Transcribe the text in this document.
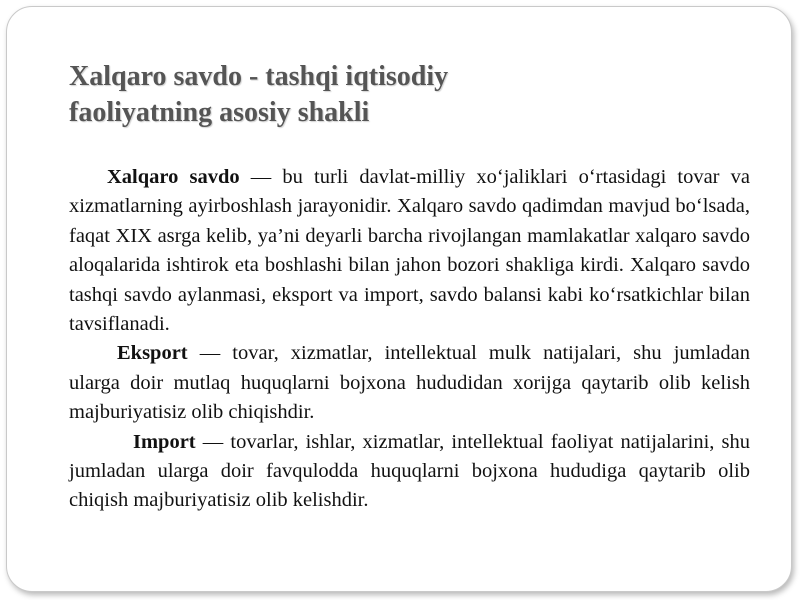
Xalqaro savdo - tashqi iqtisodiy
faoliyatning asosiy shakli

Xalqaro savdo — bu turli davlat-milliy xo‘jaliklari o‘rtasidagi tovar va xizmatlarning ayirboshlash jarayonidir. Xalqaro savdo qadimdan mavjud bo‘lsada, faqat XIX asrga kelib, ya’ni deyarli barcha rivojlangan mamlakatlar xalqaro savdo aloqalarida ishtirok eta boshlashi bilan jahon bozori shakliga kirdi. Xalqaro savdo tashqi savdo aylanmasi, eksport va import, savdo balansi kabi ko‘rsatkichlar bilan tavsiflanadi.

Eksport — tovar, xizmatlar, intellektual mulk natijalari, shu jumladan ularga doir mutlaq huquqlarni bojxona hududidan xorijga qaytarib olib kelish majburiyatisiz olib chiqishdir.

Import — tovarlar, ishlar, xizmatlar, intellektual faoliyat natijalarini, shu jumladan ularga doir favqulodda huquqlarni bojxona hududiga qaytarib olib chiqish majburiyatisiz olib kelishdir.
